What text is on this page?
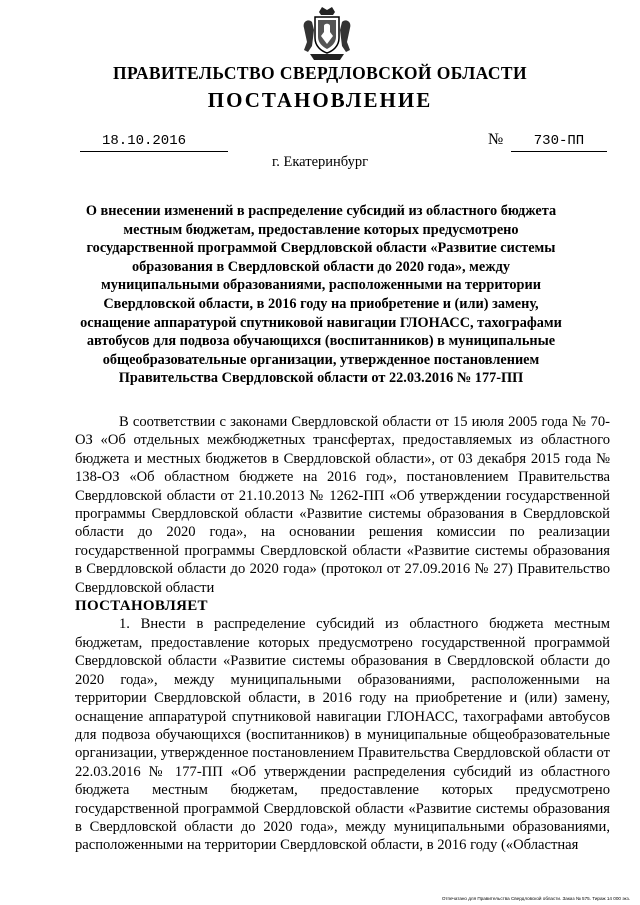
ПРАВИТЕЛЬСТВО СВЕРДЛОВСКОЙ ОБЛАСТИ
ПОСТАНОВЛЕНИЕ
18.10.2016	№	730-ПП
г. Екатеринбург
О внесении изменений в распределение субсидий из областного бюджета местным бюджетам, предоставление которых предусмотрено государственной программой Свердловской области «Развитие системы образования в Свердловской области до 2020 года», между муниципальными образованиями, расположенными на территории Свердловской области, в 2016 году на приобретение и (или) замену, оснащение аппаратурой спутниковой навигации ГЛОНАСС, тахографами автобусов для подвоза обучающихся (воспитанников) в муниципальные общеобразовательные организации, утвержденное постановлением Правительства Свердловской области от 22.03.2016 № 177-ПП

В соответствии с законами Свердловской области от 15 июля 2005 года № 70-ОЗ «Об отдельных межбюджетных трансфертах, предоставляемых из областного бюджета и местных бюджетов в Свердловской области», от 03 декабря 2015 года № 138-ОЗ «Об областном бюджете на 2016 год», постановлением Правительства Свердловской области от 21.10.2013 № 1262-ПП «Об утверждении государственной программы Свердловской области «Развитие системы образования в Свердловской области до 2020 года», на основании решения комиссии по реализации государственной программы Свердловской области «Развитие системы образования в Свердловской области до 2020 года» (протокол от 27.09.2016 № 27) Правительство Свердловской области

ПОСТАНОВЛЯЕТ

1. Внести в распределение субсидий из областного бюджета местным бюджетам, предоставление которых предусмотрено государственной программой Свердловской области «Развитие системы образования в Свердловской области до 2020 года», между муниципальными образованиями, расположенными на территории Свердловской области, в 2016 году на приобретение и (или) замену, оснащение аппаратурой спутниковой навигации ГЛОНАСС, тахографами автобусов для подвоза обучающихся (воспитанников) в муниципальные общеобразовательные организации, утвержденное постановлением Правительства Свердловской области от 22.03.2016 № 177-ПП «Об утверждении распределения субсидий из областного бюджета местным бюджетам, предоставление которых предусмотрено государственной программой Свердловской области «Развитие системы образования в Свердловской области до 2020 года», между муниципальными образованиями, расположенными на территории Свердловской области, в 2016 году («Областная

Отпечатано для Правительства Свердловской области. Заказ № 575. Тираж 14 000 экз.
